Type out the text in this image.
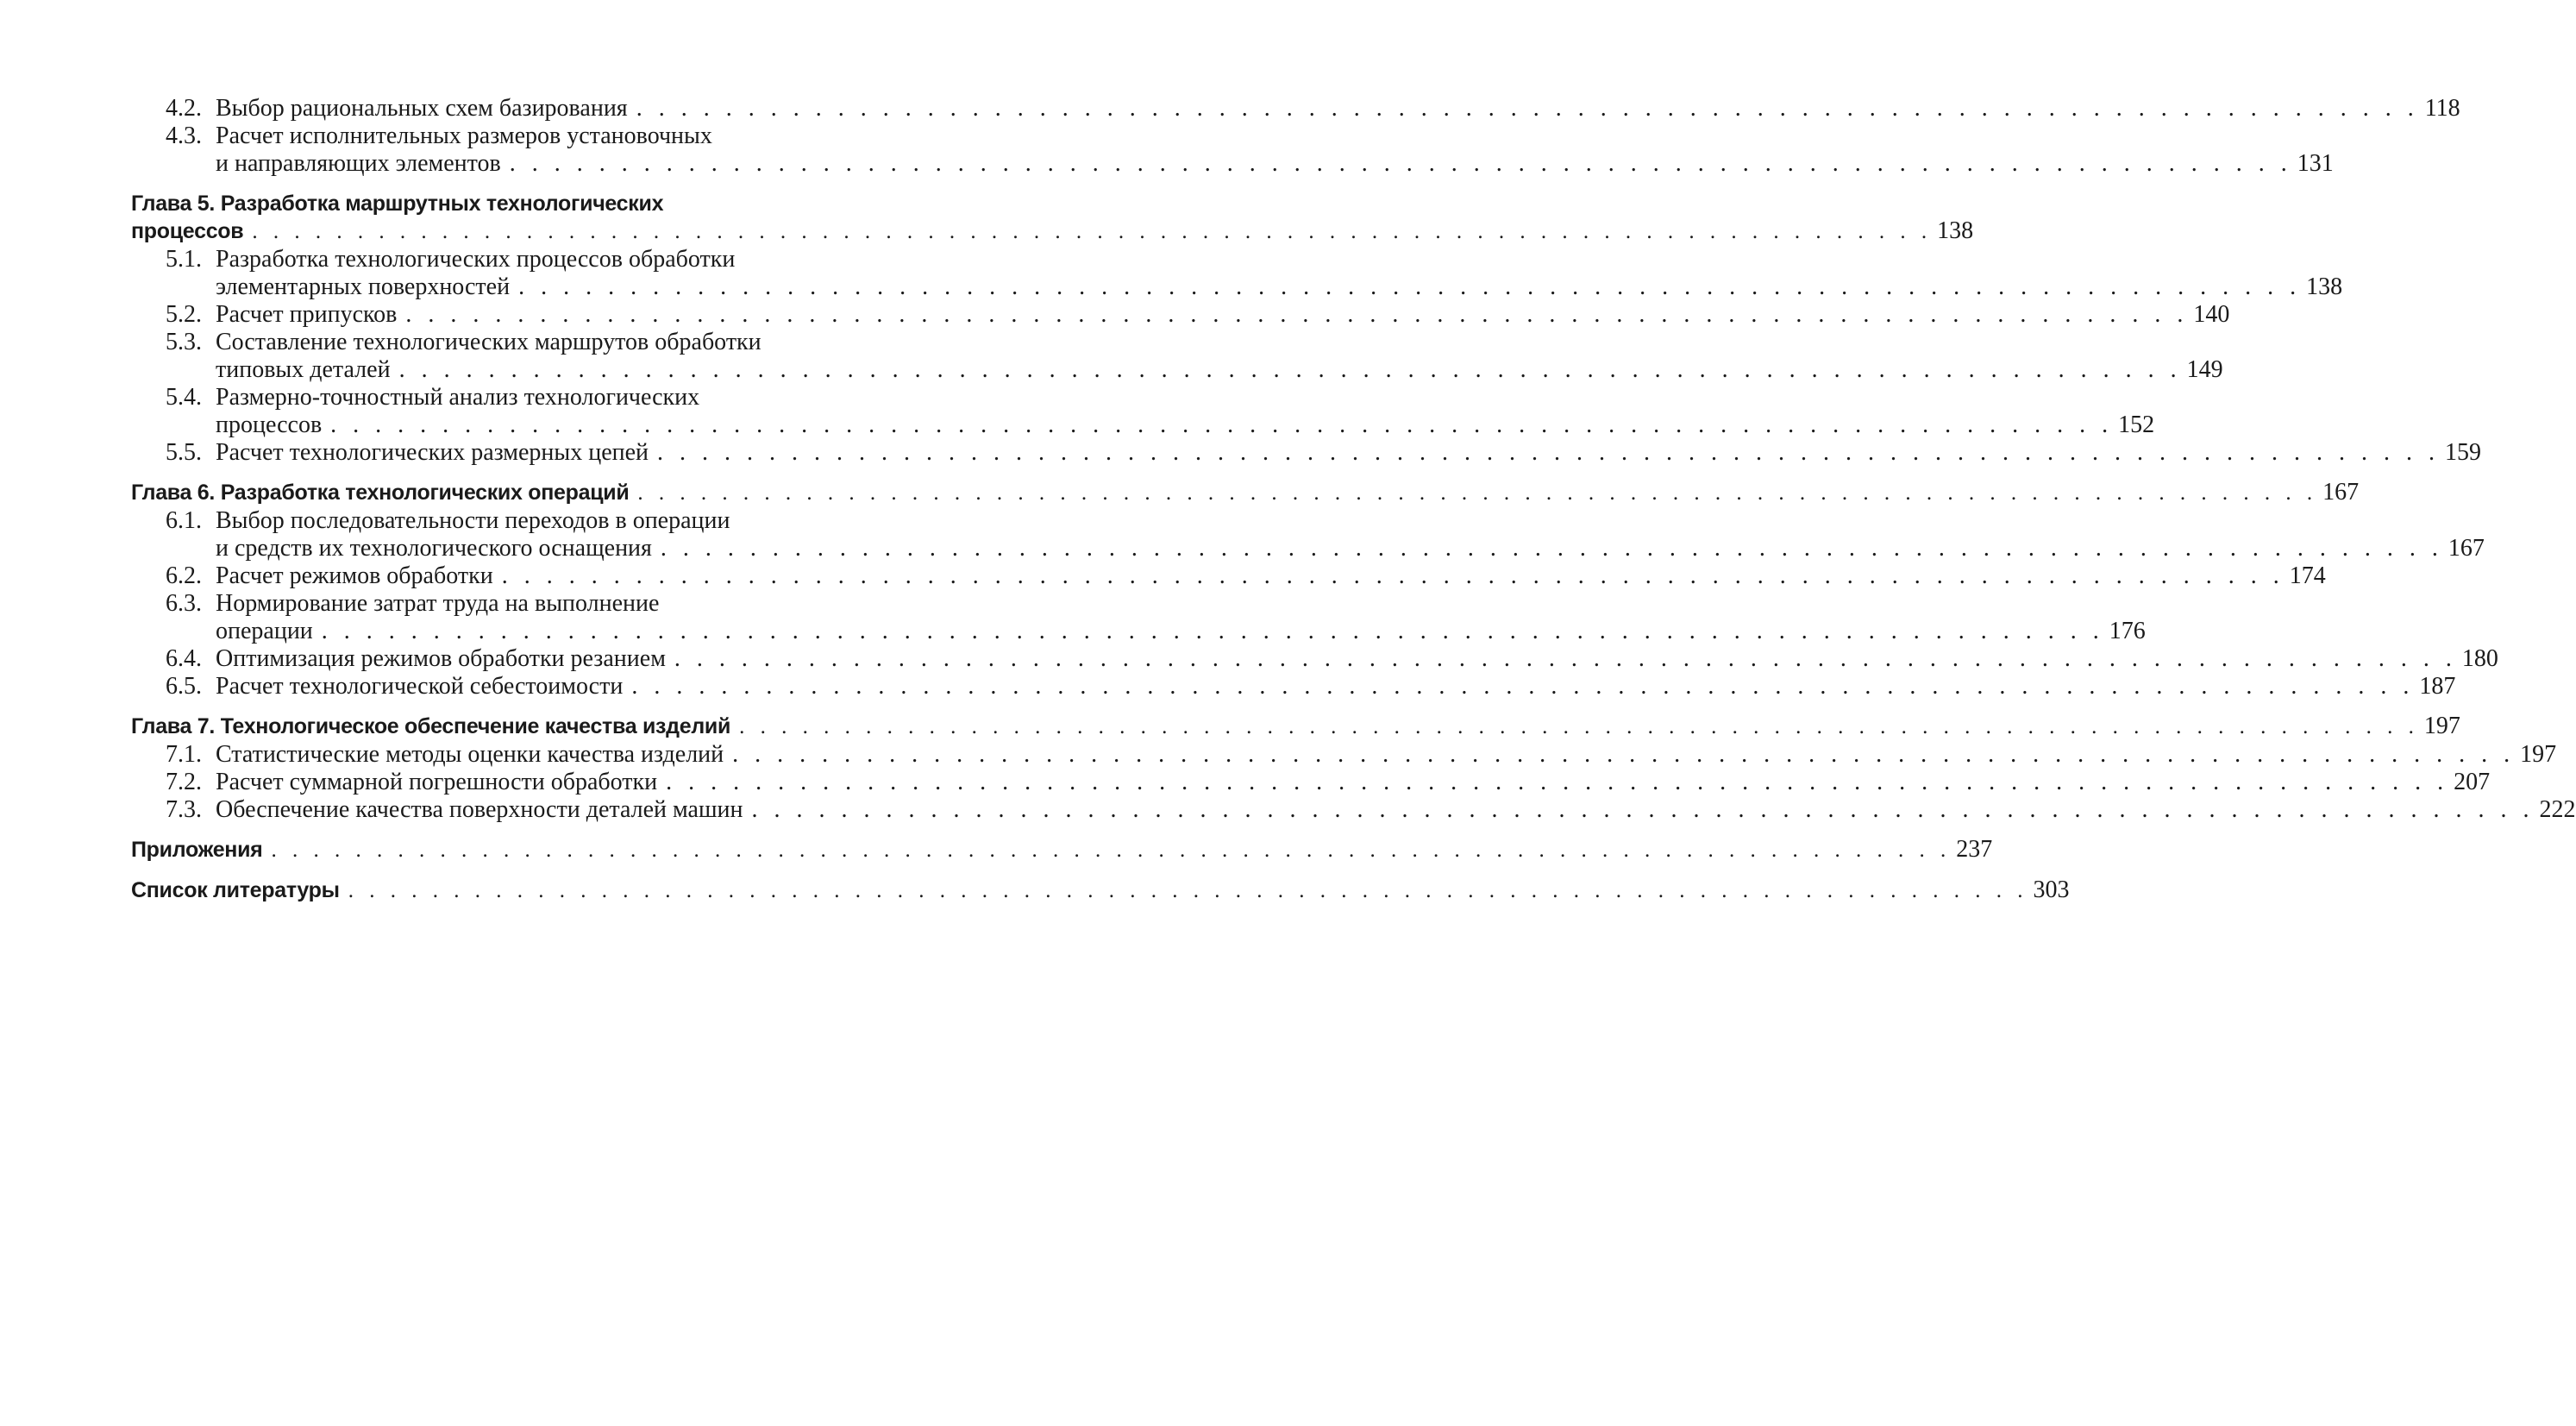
4.2. Выбор рациональных схем базирования . . . . . . . . . . . . . . . . . . . . . . . . . . . . . . . . . . . . . . . . . . . . . . . . . . . . . . . . . . . . . . . . . . . . . . . . . . . . . . . . 118
4.3. Расчет исполнительных размеров установочных
и направляющих элементов . . . . . . . . . . . . . . . . . . . . . . . . . . . . . . . . . . . . . . . . . . . . . . . . . . . . . . . . . . . . . . . . . . . . . . . . . . . . . . . . 131
Глава 5. Разработка маршрутных технологических
процессов . . . . . . . . . . . . . . . . . . . . . . . . . . . . . . . . . . . . . . . . . . . . . . . . . . . . . . . . . . . . . . . . . . . . . . . . . . . . . . . . 138
5.1. Разработка технологических процессов обработки
элементарных поверхностей . . . . . . . . . . . . . . . . . . . . . . . . . . . . . . . . . . . . . . . . . . . . . . . . . . . . . . . . . . . . . . . . . . . . . . . . . . . . . . . . 138
5.2. Расчет припусков . . . . . . . . . . . . . . . . . . . . . . . . . . . . . . . . . . . . . . . . . . . . . . . . . . . . . . . . . . . . . . . . . . . . . . . . . . . . . . . . 140
5.3. Составление технологических маршрутов обработки
типовых деталей . . . . . . . . . . . . . . . . . . . . . . . . . . . . . . . . . . . . . . . . . . . . . . . . . . . . . . . . . . . . . . . . . . . . . . . . . . . . . . . . 149
5.4. Размерно-точностный анализ технологических
процессов . . . . . . . . . . . . . . . . . . . . . . . . . . . . . . . . . . . . . . . . . . . . . . . . . . . . . . . . . . . . . . . . . . . . . . . . . . . . . . . . 152
5.5. Расчет технологических размерных цепей . . . . . . . . . . . . . . . . . . . . . . . . . . . . . . . . . . . . . . . . . . . . . . . . . . . . . . . . . . . . . . . . . . . . . . . . . . . . . . . . 159
Глава 6. Разработка технологических операций . . . . . . . . . . . . . . . . . . . . . . . . . . . . . . . . . . . . . . . . . . . . . . . . . . . . . . . . . . . . . . . . . . . . . . . . . . . . . . . . 167
6.1. Выбор последовательности переходов в операции
и средств их технологического оснащения . . . . . . . . . . . . . . . . . . . . . . . . . . . . . . . . . . . . . . . . . . . . . . . . . . . . . . . . . . . . . . . . . . . . . . . . . . . . . . . . 167
6.2. Расчет режимов обработки . . . . . . . . . . . . . . . . . . . . . . . . . . . . . . . . . . . . . . . . . . . . . . . . . . . . . . . . . . . . . . . . . . . . . . . . . . . . . . . . 174
6.3. Нормирование затрат труда на выполнение
операции . . . . . . . . . . . . . . . . . . . . . . . . . . . . . . . . . . . . . . . . . . . . . . . . . . . . . . . . . . . . . . . . . . . . . . . . . . . . . . . . 176
6.4. Оптимизация режимов обработки резанием . . . . . . . . . . . . . . . . . . . . . . . . . . . . . . . . . . . . . . . . . . . . . . . . . . . . . . . . . . . . . . . . . . . . . . . . . . . . . . . . 180
6.5. Расчет технологической себестоимости . . . . . . . . . . . . . . . . . . . . . . . . . . . . . . . . . . . . . . . . . . . . . . . . . . . . . . . . . . . . . . . . . . . . . . . . . . . . . . . . 187
Глава 7. Технологическое обеспечение качества изделий . . . . . . . . . . . . . . . . . . . . . . . . . . . . . . . . . . . . . . . . . . . . . . . . . . . . . . . . . . . . . . . . . . . . . . . . . . . . . . . . 197
7.1. Статистические методы оценки качества изделий . . . . . . . . . . . . . . . . . . . . . . . . . . . . . . . . . . . . . . . . . . . . . . . . . . . . . . . . . . . . . . . . . . . . . . . . . . . . . . . . 197
7.2. Расчет суммарной погрешности обработки . . . . . . . . . . . . . . . . . . . . . . . . . . . . . . . . . . . . . . . . . . . . . . . . . . . . . . . . . . . . . . . . . . . . . . . . . . . . . . . . 207
7.3. Обеспечение качества поверхности деталей машин . . . . . . . . . . . . . . . . . . . . . . . . . . . . . . . . . . . . . . . . . . . . . . . . . . . . . . . . . . . . . . . . . . . . . . . . . . . . . . . . 222
Приложения . . . . . . . . . . . . . . . . . . . . . . . . . . . . . . . . . . . . . . . . . . . . . . . . . . . . . . . . . . . . . . . . . . . . . . . . . . . . . . . . 237
Список литературы . . . . . . . . . . . . . . . . . . . . . . . . . . . . . . . . . . . . . . . . . . . . . . . . . . . . . . . . . . . . . . . . . . . . . . . . . . . . . . . . 303
